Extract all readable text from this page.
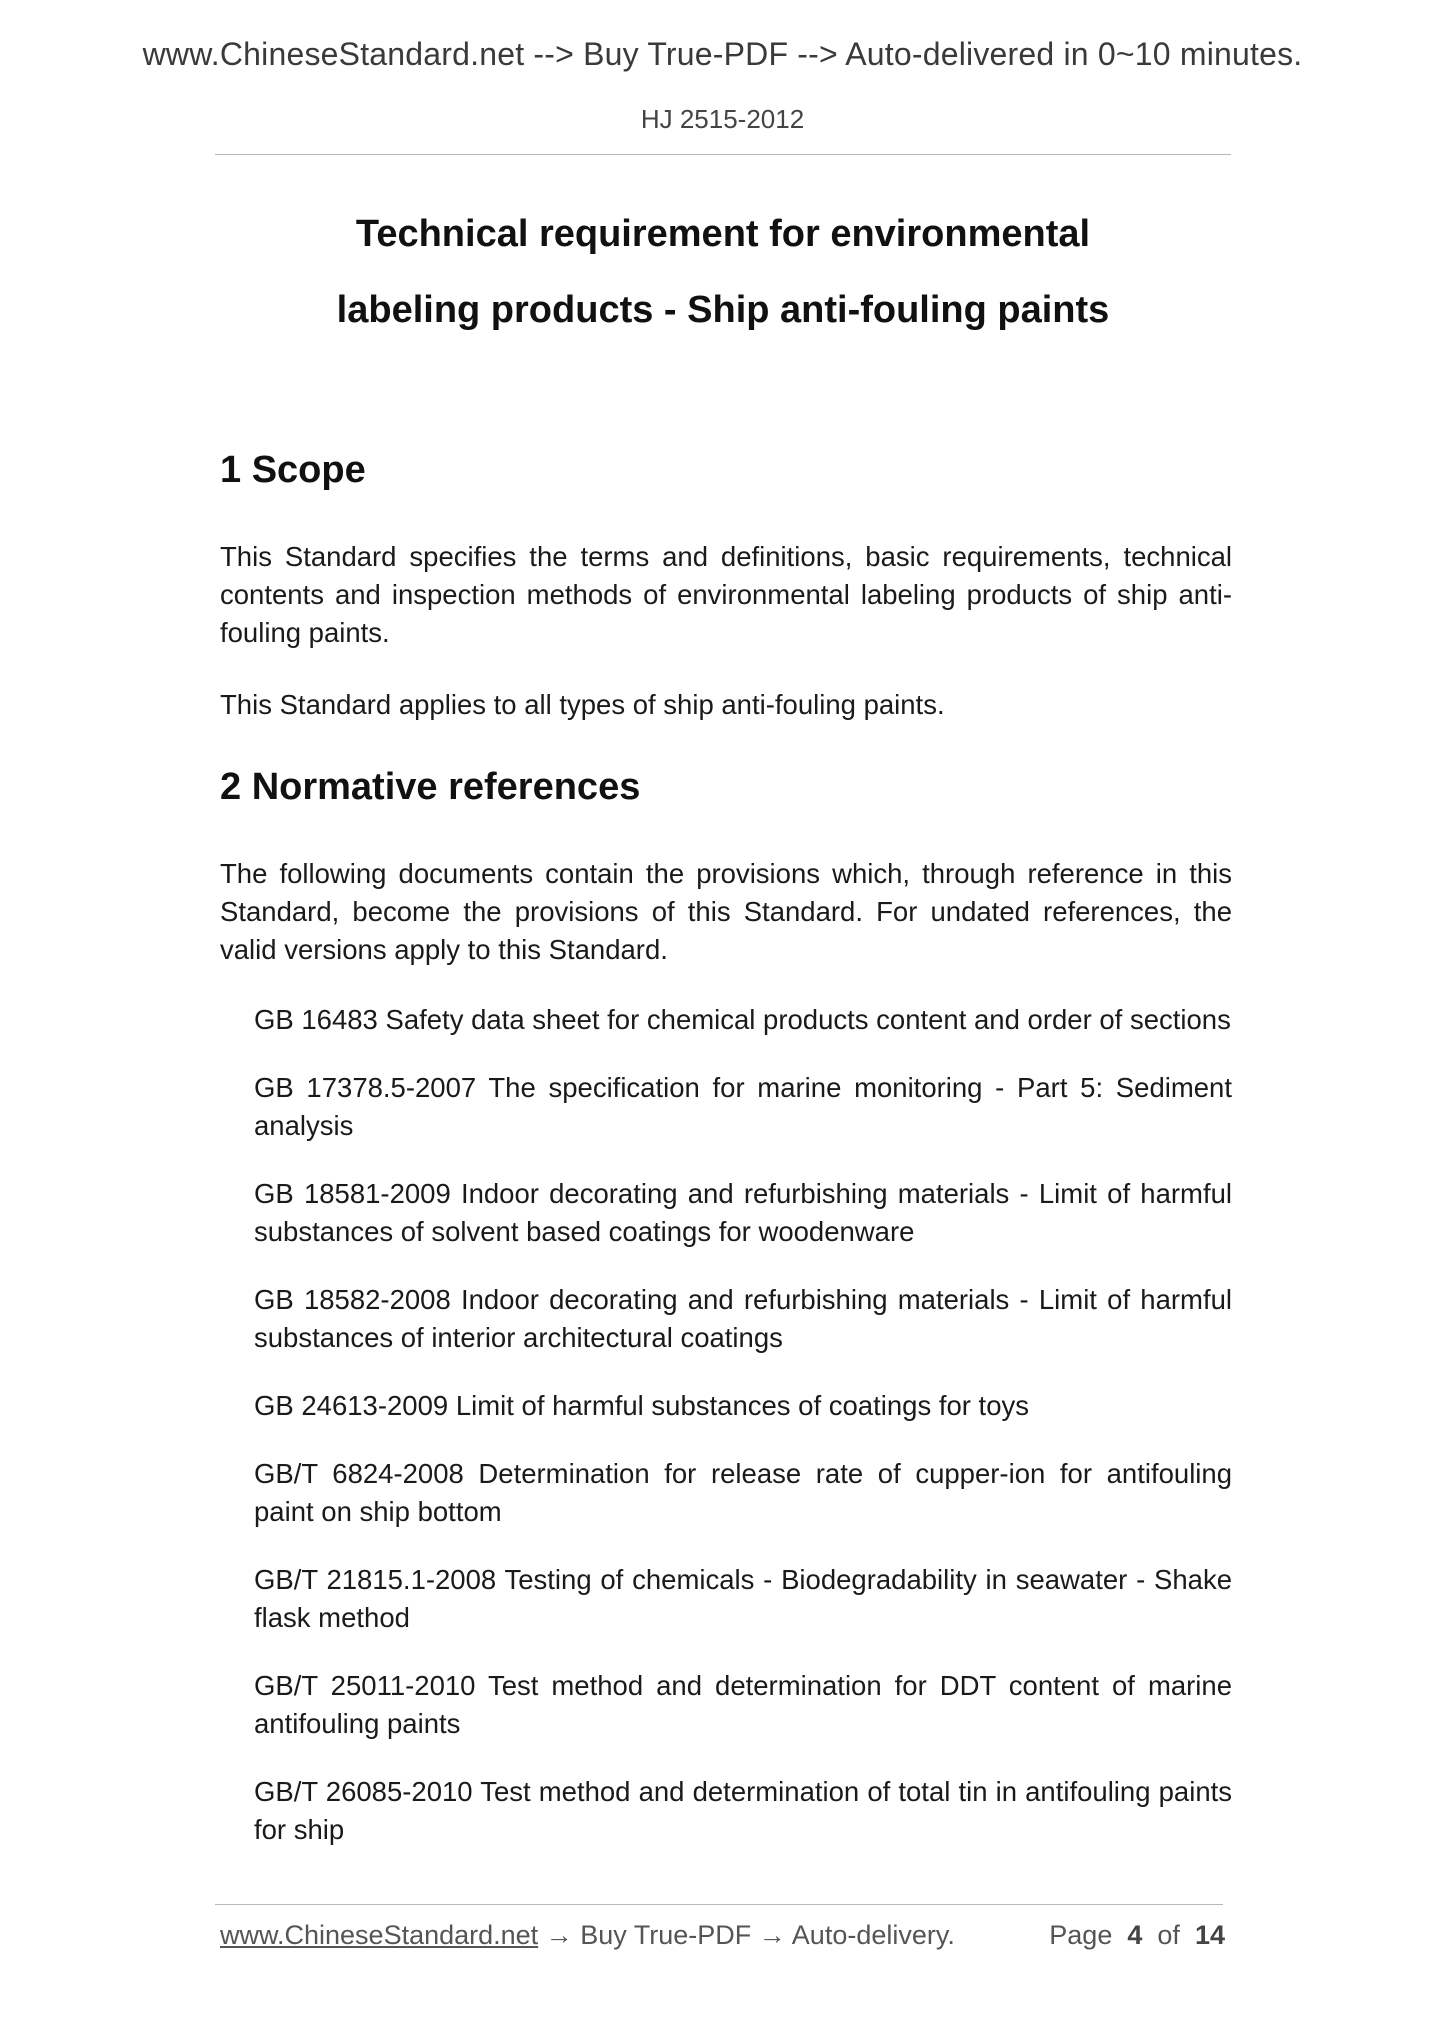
www.ChineseStandard.net --> Buy True-PDF --> Auto-delivered in 0~10 minutes.
HJ 2515-2012
Technical requirement for environmental
labeling products - Ship anti-fouling paints
1 Scope
This Standard specifies the terms and definitions, basic requirements, technical contents and inspection methods of environmental labeling products of ship anti-fouling paints.
This Standard applies to all types of ship anti-fouling paints.
2 Normative references
The following documents contain the provisions which, through reference in this Standard, become the provisions of this Standard. For undated references, the valid versions apply to this Standard.
GB 16483 Safety data sheet for chemical products content and order of sections
GB 17378.5-2007 The specification for marine monitoring - Part 5: Sediment analysis
GB 18581-2009 Indoor decorating and refurbishing materials - Limit of harmful substances of solvent based coatings for woodenware
GB 18582-2008 Indoor decorating and refurbishing materials - Limit of harmful substances of interior architectural coatings
GB 24613-2009 Limit of harmful substances of coatings for toys
GB/T 6824-2008 Determination for release rate of cupper-ion for antifouling paint on ship bottom
GB/T 21815.1-2008 Testing of chemicals - Biodegradability in seawater - Shake flask method
GB/T 25011-2010 Test method and determination for DDT content of marine antifouling paints
GB/T 26085-2010 Test method and determination of total tin in antifouling paints for ship
www.ChineseStandard.net → Buy True-PDF → Auto-delivery.	Page 4 of 14
